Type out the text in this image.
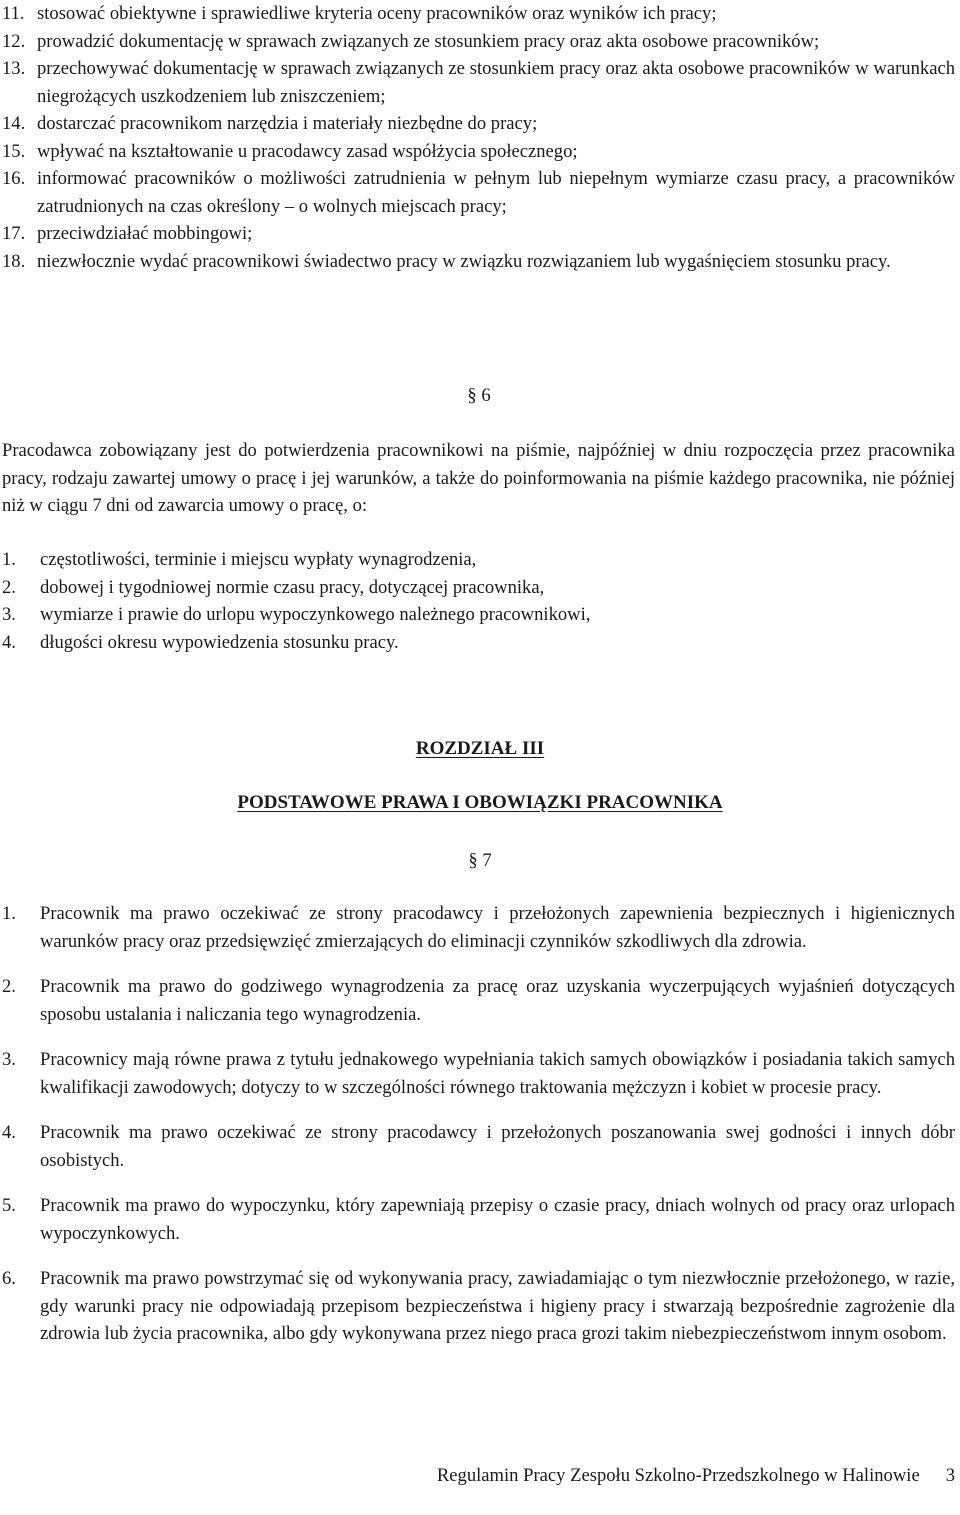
11. stosować obiektywne i sprawiedliwe kryteria oceny pracowników oraz wyników ich pracy;
12. prowadzić dokumentację w sprawach związanych ze stosunkiem pracy oraz akta osobowe pracowników;
13. przechowywać dokumentację w sprawach związanych ze stosunkiem pracy oraz akta osobowe pracowników w warunkach niegrożących uszkodzeniem lub zniszczeniem;
14. dostarczać pracownikom narzędzia i materiały niezbędne do pracy;
15. wpływać na kształtowanie u pracodawcy zasad współżycia społecznego;
16. informować pracowników o możliwości zatrudnienia w pełnym lub niepełnym wymiarze czasu pracy, a pracowników zatrudnionych na czas określony – o wolnych miejscach pracy;
17. przeciwdziałać mobbingowi;
18. niezwłocznie wydać pracownikowi świadectwo pracy w związku rozwiązaniem lub wygaśnięciem stosunku pracy.
§ 6

Pracodawca zobowiązany jest do potwierdzenia pracownikowi na piśmie, najpóźniej w dniu rozpoczęcia przez pracownika pracy, rodzaju zawartej umowy o pracę i jej warunków, a także do poinformowania na piśmie każdego pracownika, nie później niż w ciągu 7 dni od zawarcia umowy o pracę, o:

1.	częstotliwości, terminie i miejscu wypłaty wynagrodzenia,
2.	dobowej i tygodniowej normie czasu pracy, dotyczącej pracownika,
3.	wymiarze i prawie do urlopu wypoczynkowego należnego pracownikowi,
4.	długości okresu wypowiedzenia stosunku pracy.
ROZDZIAŁ III
PODSTAWOWE PRAWA I OBOWIĄZKI PRACOWNIKA
§ 7
1.	Pracownik ma prawo oczekiwać ze strony pracodawcy i przełożonych zapewnienia bezpiecznych i higienicznych warunków pracy oraz przedsięwzięć zmierzających do eliminacji czynników szkodliwych dla zdrowia.
2.	Pracownik ma prawo do godziwego wynagrodzenia za pracę oraz uzyskania wyczerpujących wyjaśnień dotyczących sposobu ustalania i naliczania tego wynagrodzenia.
3.	Pracownicy mają równe prawa z tytułu jednakowego wypełniania takich samych obowiązków i posiadania takich samych kwalifikacji zawodowych; dotyczy to w szczególności równego traktowania mężczyzn i kobiet w procesie pracy.
4.	Pracownik ma prawo oczekiwać ze strony pracodawcy i przełożonych poszanowania swej godności i innych dóbr osobistych.
5.	Pracownik ma prawo do wypoczynku, który zapewniają przepisy o czasie pracy, dniach wolnych od pracy oraz urlopach wypoczynkowych.
6.	Pracownik ma prawo powstrzymać się od wykonywania pracy, zawiadamiając o tym niezwłocznie przełożonego, w razie, gdy warunki pracy nie odpowiadają przepisom bezpieczeństwa i higieny pracy i stwarzają bezpośrednie zagrożenie dla zdrowia lub życia pracownika, albo gdy wykonywana przez niego praca grozi takim niebezpieczeństwom innym osobom.
Regulamin Pracy Zespołu Szkolno-Przedszkolnego w Halinowie 3
